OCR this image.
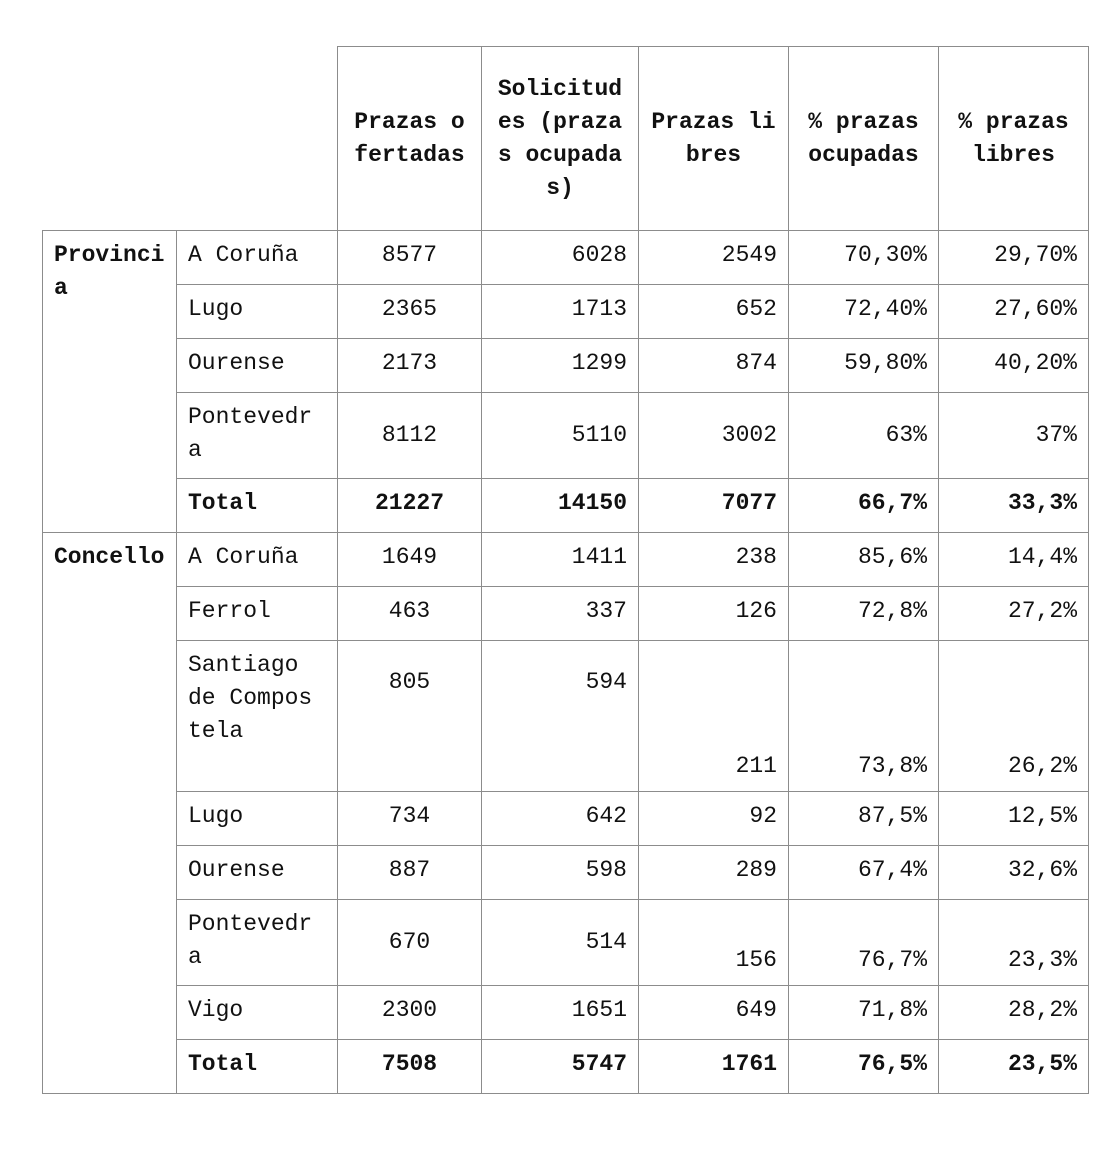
		Prazas ofertadas	Solicitudes (prazas ocupadas)	Prazas libres	% prazas ocupadas	% prazas libres
Provincia	A Coruña	8577	6028	2549	70,30%	29,70%
	Lugo	2365	1713	652	72,40%	27,60%
	Ourense	2173	1299	874	59,80%	40,20%
	Pontevedra	8112	5110	3002	63%	37%
	Total	21227	14150	7077	66,7%	33,3%
Concello	A Coruña	1649	1411	238	85,6%	14,4%
	Ferrol	463	337	126	72,8%	27,2%
	Santiago de Compostela	805	594	211	73,8%	26,2%
	Lugo	734	642	92	87,5%	12,5%
	Ourense	887	598	289	67,4%	32,6%
	Pontevedra	670	514	156	76,7%	23,3%
	Vigo	2300	1651	649	71,8%	28,2%
	Total	7508	5747	1761	76,5%	23,5%
